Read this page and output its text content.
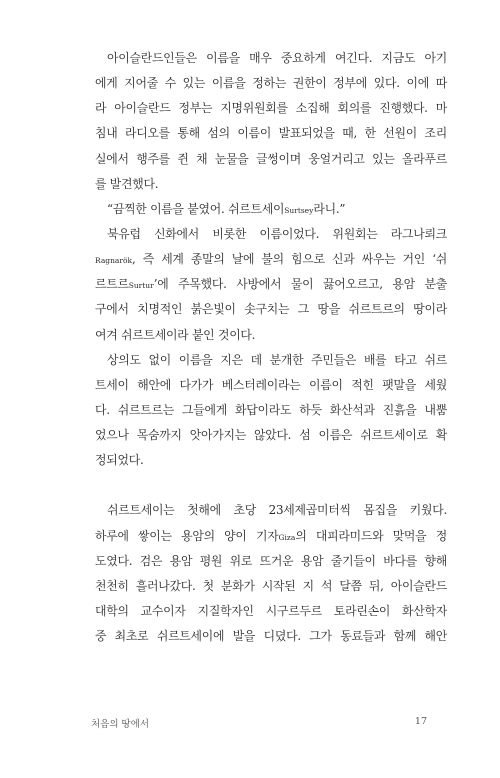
아이슬란드인들은 이름을 매우 중요하게 여긴다. 지금도 아기
에게 지어줄 수 있는 이름을 정하는 권한이 정부에 있다. 이에 따
라 아이슬란드 정부는 지명위원회를 소집해 회의를 진행했다. 마
침내 라디오를 통해 섬의 이름이 발표되었을 때, 한 선원이 조리
실에서 행주를 쥔 채 눈물을 글썽이며 웅얼거리고 있는 올라푸르
를 발견했다.
“끔찍한 이름을 붙였어. 쉬르트세이Surtsey라니.”
북유럽 신화에서 비롯한 이름이었다. 위원회는 라그나뢰크
Ragnarök, 즉 세계 종말의 날에 불의 힘으로 신과 싸우는 거인 ‘쉬
르트르Surtur’에 주목했다. 사방에서 물이 끓어오르고, 용암 분출
구에서 치명적인 붉은빛이 솟구치는 그 땅을 쉬르트르의 땅이라
여겨 쉬르트세이라 붙인 것이다.
상의도 없이 이름을 지은 데 분개한 주민들은 배를 타고 쉬르
트세이 해안에 다가가 베스터레이라는 이름이 적힌 팻말을 세웠
다. 쉬르트르는 그들에게 화답이라도 하듯 화산석과 진흙을 내뿜
었으나 목숨까지 앗아가지는 않았다. 섬 이름은 쉬르트세이로 확
정되었다.
쉬르트세이는 첫해에 초당 23세제곱미터씩 몸집을 키웠다.
하루에 쌓이는 용암의 양이 기자Giza의 대피라미드와 맞먹을 정
도였다. 검은 용암 평원 위로 뜨거운 용암 줄기들이 바다를 향해
천천히 흘러나갔다. 첫 분화가 시작된 지 석 달쯤 뒤, 아이슬란드
대학의 교수이자 지질학자인 시구르두르 토라린손이 화산학자
중 최초로 쉬르트세이에 발을 디뎠다. 그가 동료들과 함께 해안
처음의 땅에서	17
